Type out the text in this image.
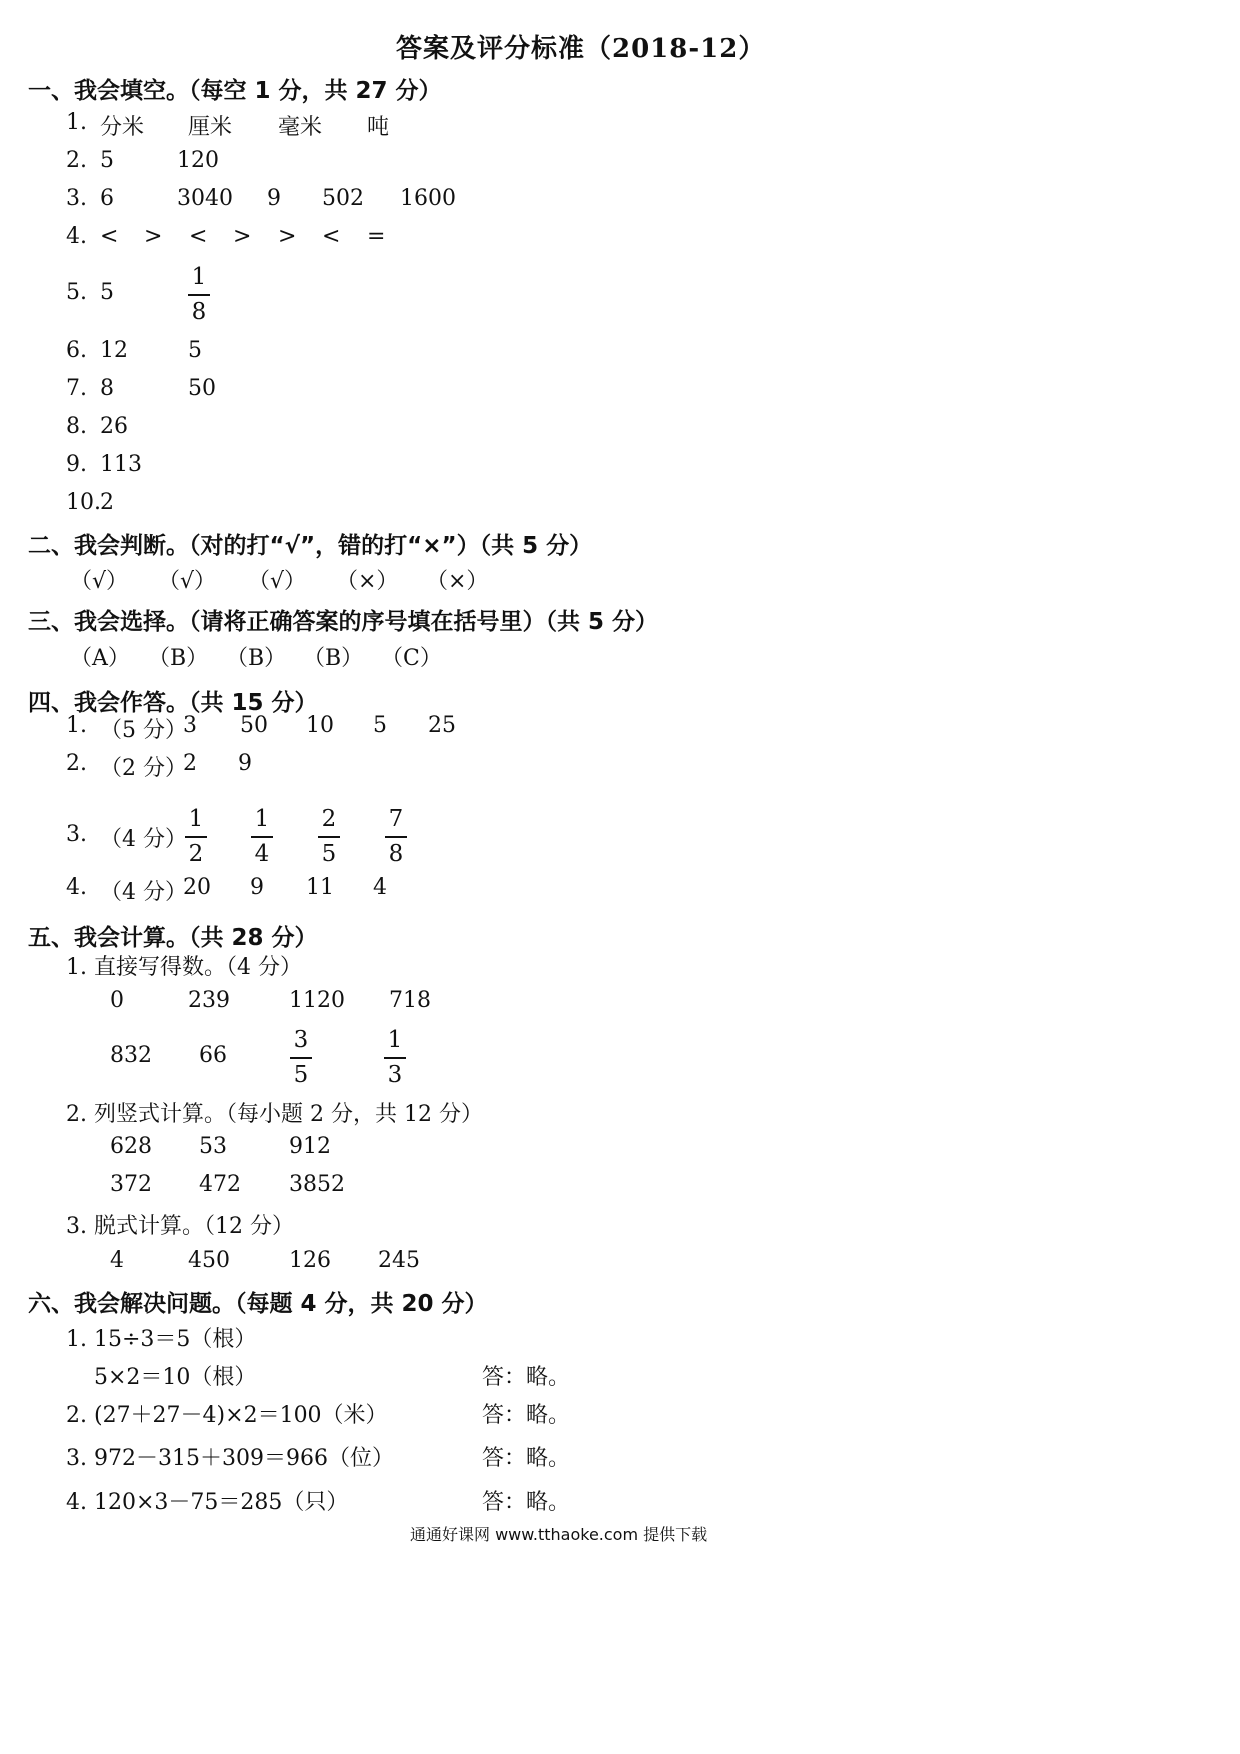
答案及评分标准（2018-12）
一、我会填空。（每空 1 分，共 27 分）
1. 分米 厘米 毫米 吨
2. 5	120
3. 6	3040 9 502 1600
4. < > < > > < =
5. 5
1
8
6. 12	5
7. 8	50
8. 26
9. 113
10. 2
二、我会判断。（对的打“√”，错的打“×”）（共 5 分）
（√） （√） （√） （×） （×）
三、我会选择。（请将正确答案的序号填在括号里）（共 5 分）
（A） （B） （B） （B） （C）
四、我会作答。（共 15 分）
1. （5 分）
3 50 10 5 25
2. （2 分）
2 9
3. （4 分）
1
2
1
4
2
5
7
8
4. （4 分）
20 9 11 4
五、我会计算。（共 28 分）
1. 直接写得数。（4 分）
0	239	1120 718
832 66
3
5
1
3
2. 列竖式计算。（每小题 2 分，共 12 分）
628 53	912
372 472 3852
3. 脱式计算。（12 分）
4	450	126 245
六、我会解决问题。（每题 4 分，共 20 分）
1. 15÷3＝5（根）
5×2＝10（根）	答：略。
2. (27＋27－4)×2＝100（米）	答：略。
3. 972－315＋309＝966（位）	答：略。
4. 120×3－75＝285（只）	答：略。
通通好课网 www.tthaoke.com 提供下载
